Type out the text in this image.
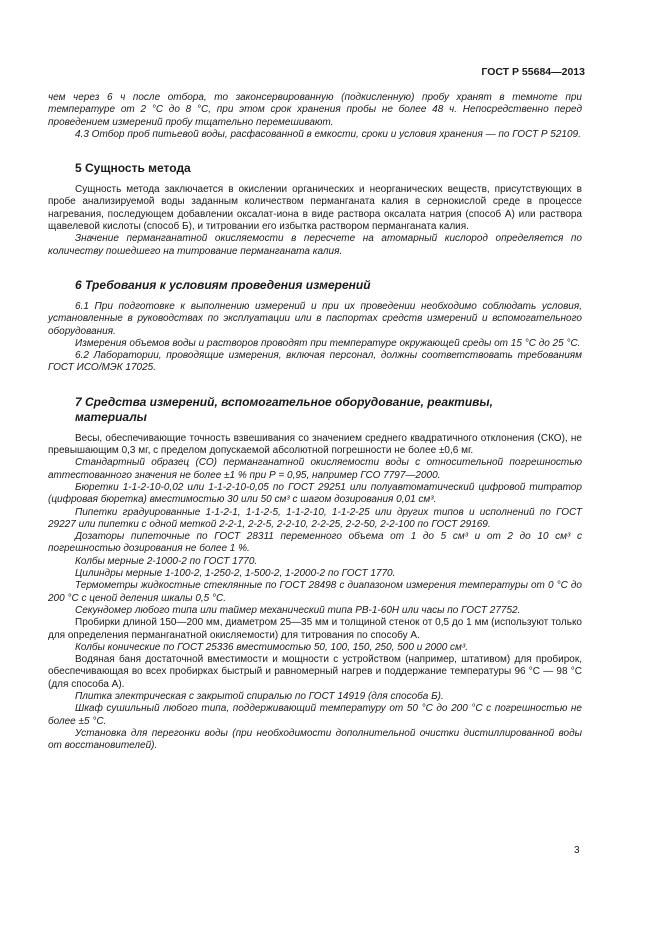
ГОСТ Р 55684—2013

чем через 6 ч после отбора, то законсервированную (подкисленную) пробу хранят в темноте при температуре от 2 °С до 8 °С, при этом срок хранения пробы не более 48 ч. Непосредственно перед проведением измерений пробу тщательно перемешивают.

4.3 Отбор проб питьевой воды, расфасованной в емкости, сроки и условия хранения — по ГОСТ Р 52109.

5 Сущность метода

Сущность метода заключается в окислении органических и неорганических веществ, присутствующих в пробе анализируемой воды заданным количеством перманганата калия в сернокислой среде в процессе нагревания, последующем добавлении оксалат-иона в виде раствора оксалата натрия (способ А) или раствора щавелевой кислоты (способ Б), и титровании его избытка раствором перманганата калия.

Значение перманганатной окисляемости в пересчете на атомарный кислород определяется по количеству пошедшего на титрование перманганата калия.

6 Требования к условиям проведения измерений

6.1 При подготовке к выполнению измерений и при их проведении необходимо соблюдать условия, установленные в руководствах по эксплуатации или в паспортах средств измерений и вспомогательного оборудования.

Измерения объемов воды и растворов проводят при температуре окружающей среды от 15 °С до 25 °С.

6.2 Лаборатории, проводящие измерения, включая персонал, должны соответствовать требованиям ГОСТ ИСО/МЭК 17025.

7 Средства измерений, вспомогательное оборудование, реактивы,
материалы

Весы, обеспечивающие точность взвешивания со значением среднего квадратичного отклонения (СКО), не превышающим 0,3 мг, с пределом допускаемой абсолютной погрешности не более ±0,6 мг.

Стандартный образец (СО) перманганатной окисляемости воды с относительной погрешностью аттестованного значения не более ±1 % при Р = 0,95, например ГСО 7797—2000.

Бюретки 1-1-2-10-0,02 или 1-1-2-10-0,05 по ГОСТ 29251 или полуавтоматический цифровой титратор (цифровая бюретка) вместимостью 30 или 50 см³ с шагом дозирования 0,01 см³.

Пипетки градуированные 1-1-2-1, 1-1-2-5, 1-1-2-10, 1-1-2-25 или других типов и исполнений по ГОСТ 29227 или пипетки с одной меткой 2-2-1, 2-2-5, 2-2-10, 2-2-25, 2-2-50, 2-2-100 по ГОСТ 29169.

Дозаторы пипеточные по ГОСТ 28311 переменного объема от 1 до 5 см³ и от 2 до 10 см³ с погрешностью дозирования не более 1 %.

Колбы мерные 2-1000-2 по ГОСТ 1770.

Цилиндры мерные 1-100-2, 1-250-2, 1-500-2, 1-2000-2 по ГОСТ 1770.

Термометры жидкостные стеклянные по ГОСТ 28498 с диапазоном измерения температуры от 0 °С до 200 °С с ценой деления шкалы 0,5 °С.

Секундомер любого типа или таймер механический типа РВ-1-60Н или часы по ГОСТ 27752.

Пробирки длиной 150—200 мм, диаметром 25—35 мм и толщиной стенок от 0,5 до 1 мм (используют только для определения перманганатной окисляемости) для титрования по способу А.

Колбы конические по ГОСТ 25336 вместимостью 50, 100, 150, 250, 500 и 2000 см³.

Водяная баня достаточной вместимости и мощности с устройством (например, штативом) для пробирок, обеспечивающая во всех пробирках быстрый и равномерный нагрев и поддержание температуры 96 °С — 98 °С (для способа А).

Плитка электрическая с закрытой спиралью по ГОСТ 14919 (для способа Б).

Шкаф сушильный любого типа, поддерживающий температуру от 50 °С до 200 °С с погрешностью не более ±5 °С.

Установка для перегонки воды (при необходимости дополнительной очистки дистиллированной воды от восстановителей).

3
